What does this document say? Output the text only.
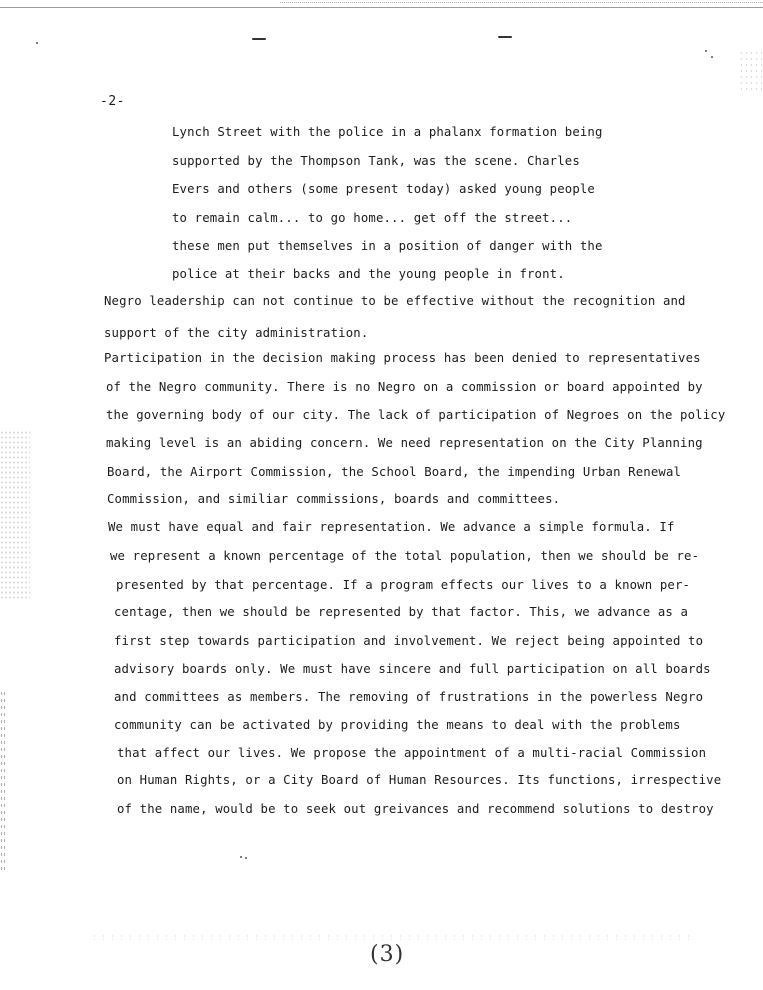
-2-
Lynch Street with the police in a phalanx formation being
supported by the Thompson Tank, was the scene. Charles
Evers and others (some present today) asked young people
to remain calm... to go home... get off the street...
these men put themselves in a position of danger with the
police at their backs and the young people in front.
Negro leadership can not continue to be effective without the recognition and
support of the city administration.
Participation in the decision making process has been denied to representatives
of the Negro community. There is no Negro on a commission or board appointed by
the governing body of our city. The lack of participation of Negroes on the policy
making level is an abiding concern. We need representation on the City Planning
Board, the Airport Commission, the School Board, the impending Urban Renewal
Commission, and similiar commissions, boards and committees.
We must have equal and fair representation. We advance a simple formula. If
we represent a known percentage of the total population, then we should be re-
presented by that percentage. If a program effects our lives to a known per-
centage, then we should be represented by that factor. This, we advance as a
first step towards participation and involvement. We reject being appointed to
advisory boards only. We must have sincere and full participation on all boards
and committees as members. The removing of frustrations in the powerless Negro
community can be activated by providing the means to deal with the problems
that affect our lives. We propose the appointment of a multi-racial Commission
on Human Rights, or a City Board of Human Resources. Its functions, irrespective
of the name, would be to seek out greivances and recommend solutions to destroy
(3)
